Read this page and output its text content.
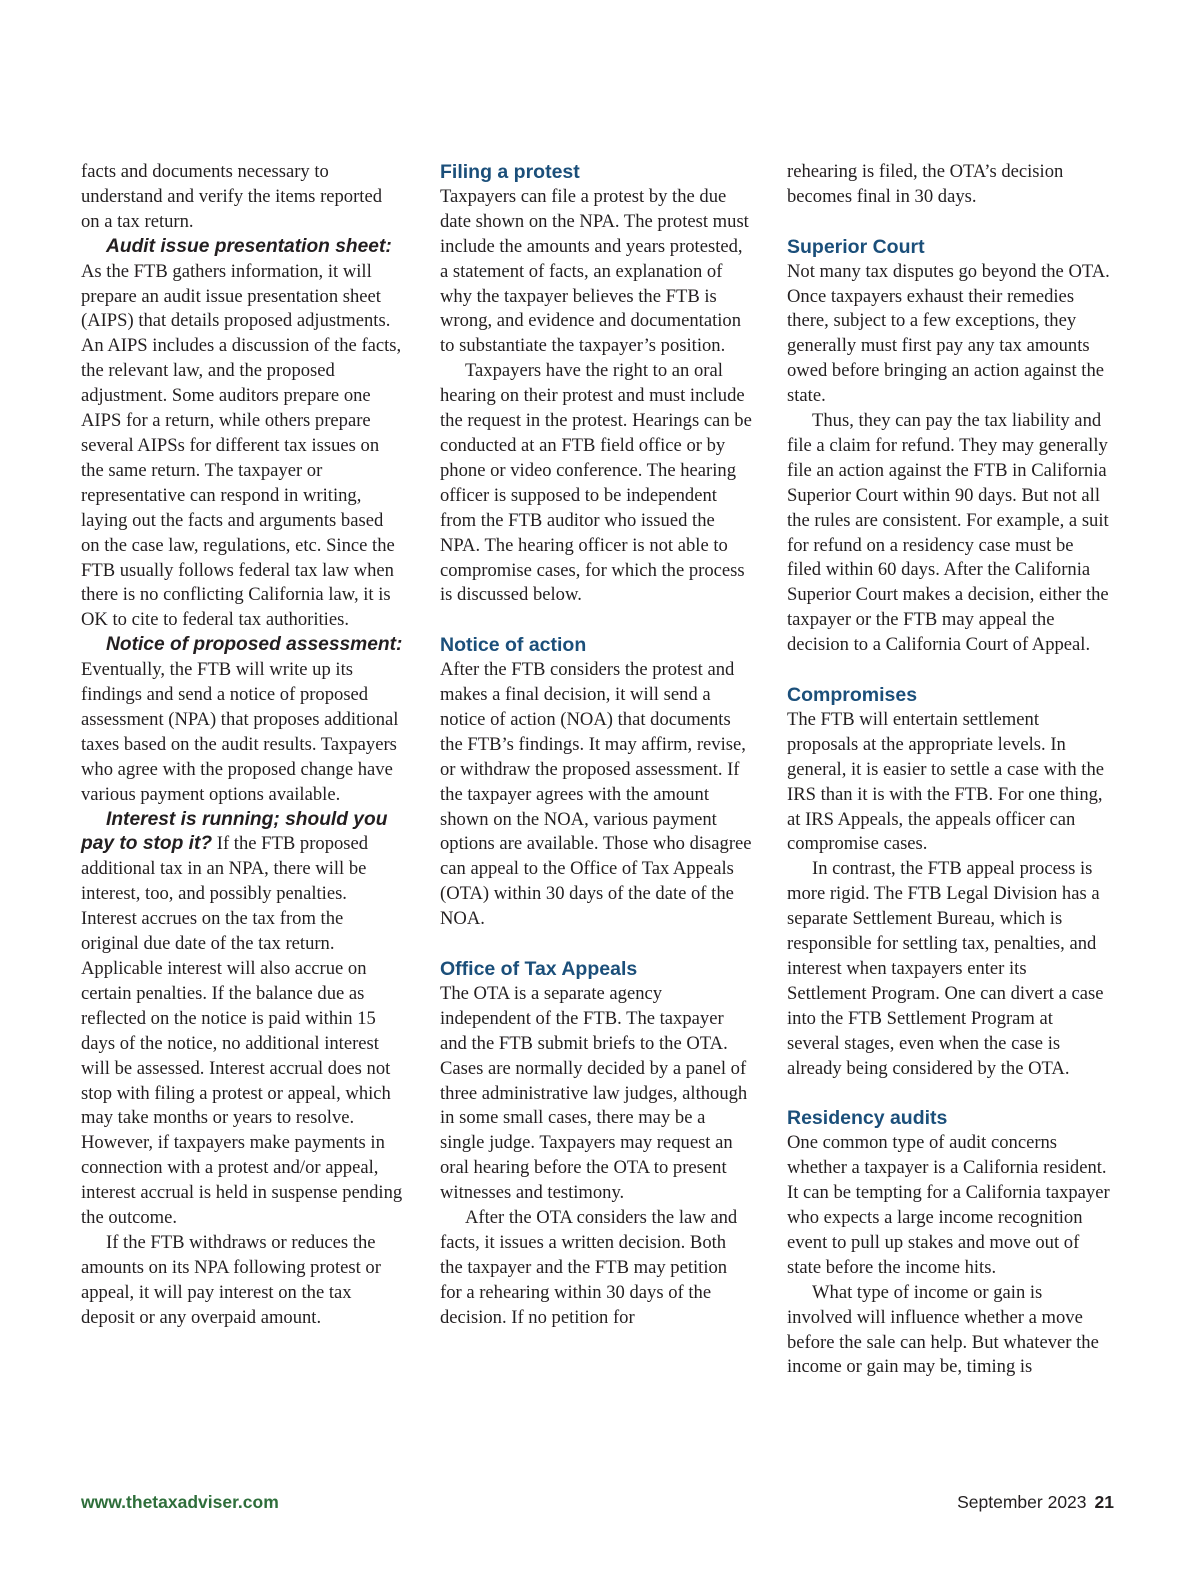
facts and documents necessary to understand and verify the items reported on a tax return.

Audit issue presentation sheet: As the FTB gathers information, it will prepare an audit issue presentation sheet (AIPS) that details proposed adjustments. An AIPS includes a discussion of the facts, the relevant law, and the proposed adjustment. Some auditors prepare one AIPS for a return, while others prepare several AIPSs for different tax issues on the same return. The taxpayer or representative can respond in writing, laying out the facts and arguments based on the case law, regulations, etc. Since the FTB usually follows federal tax law when there is no conflicting California law, it is OK to cite to federal tax authorities.

Notice of proposed assessment: Eventually, the FTB will write up its findings and send a notice of proposed assessment (NPA) that proposes additional taxes based on the audit results. Taxpayers who agree with the proposed change have various payment options available.

Interest is running; should you pay to stop it? If the FTB proposed additional tax in an NPA, there will be interest, too, and possibly penalties. Interest accrues on the tax from the original due date of the tax return. Applicable interest will also accrue on certain penalties. If the balance due as reflected on the notice is paid within 15 days of the notice, no additional interest will be assessed. Interest accrual does not stop with filing a protest or appeal, which may take months or years to resolve. However, if taxpayers make payments in connection with a protest and/or appeal, interest accrual is held in suspense pending the outcome.

If the FTB withdraws or reduces the amounts on its NPA following protest or appeal, it will pay interest on the tax deposit or any overpaid amount.

Filing a protest

Taxpayers can file a protest by the due date shown on the NPA. The protest must include the amounts and years protested, a statement of facts, an explanation of why the taxpayer believes the FTB is wrong, and evidence and documentation to substantiate the taxpayer’s position.

Taxpayers have the right to an oral hearing on their protest and must include the request in the protest. Hearings can be conducted at an FTB field office or by phone or video conference. The hearing officer is supposed to be independent from the FTB auditor who issued the NPA. The hearing officer is not able to compromise cases, for which the process is discussed below.

Notice of action

After the FTB considers the protest and makes a final decision, it will send a notice of action (NOA) that documents the FTB’s findings. It may affirm, revise, or withdraw the proposed assessment. If the taxpayer agrees with the amount shown on the NOA, various payment options are available. Those who disagree can appeal to the Office of Tax Appeals (OTA) within 30 days of the date of the NOA.

Office of Tax Appeals

The OTA is a separate agency independent of the FTB. The taxpayer and the FTB submit briefs to the OTA. Cases are normally decided by a panel of three administrative law judges, although in some small cases, there may be a single judge. Taxpayers may request an oral hearing before the OTA to present witnesses and testimony.

After the OTA considers the law and facts, it issues a written decision. Both the taxpayer and the FTB may petition for a rehearing within 30 days of the decision. If no petition for

rehearing is filed, the OTA’s decision becomes final in 30 days.

Superior Court

Not many tax disputes go beyond the OTA. Once taxpayers exhaust their remedies there, subject to a few exceptions, they generally must first pay any tax amounts owed before bringing an action against the state.

Thus, they can pay the tax liability and file a claim for refund. They may generally file an action against the FTB in California Superior Court within 90 days. But not all the rules are consistent. For example, a suit for refund on a residency case must be filed within 60 days. After the California Superior Court makes a decision, either the taxpayer or the FTB may appeal the decision to a California Court of Appeal.

Compromises

The FTB will entertain settlement proposals at the appropriate levels. In general, it is easier to settle a case with the IRS than it is with the FTB. For one thing, at IRS Appeals, the appeals officer can compromise cases.

In contrast, the FTB appeal process is more rigid. The FTB Legal Division has a separate Settlement Bureau, which is responsible for settling tax, penalties, and interest when taxpayers enter its Settlement Program. One can divert a case into the FTB Settlement Program at several stages, even when the case is already being considered by the OTA.

Residency audits

One common type of audit concerns whether a taxpayer is a California resident. It can be tempting for a California taxpayer who expects a large income recognition event to pull up stakes and move out of state before the income hits.

What type of income or gain is involved will influence whether a move before the sale can help. But whatever the income or gain may be, timing is

www.thetaxadviser.com	September 2023 21
